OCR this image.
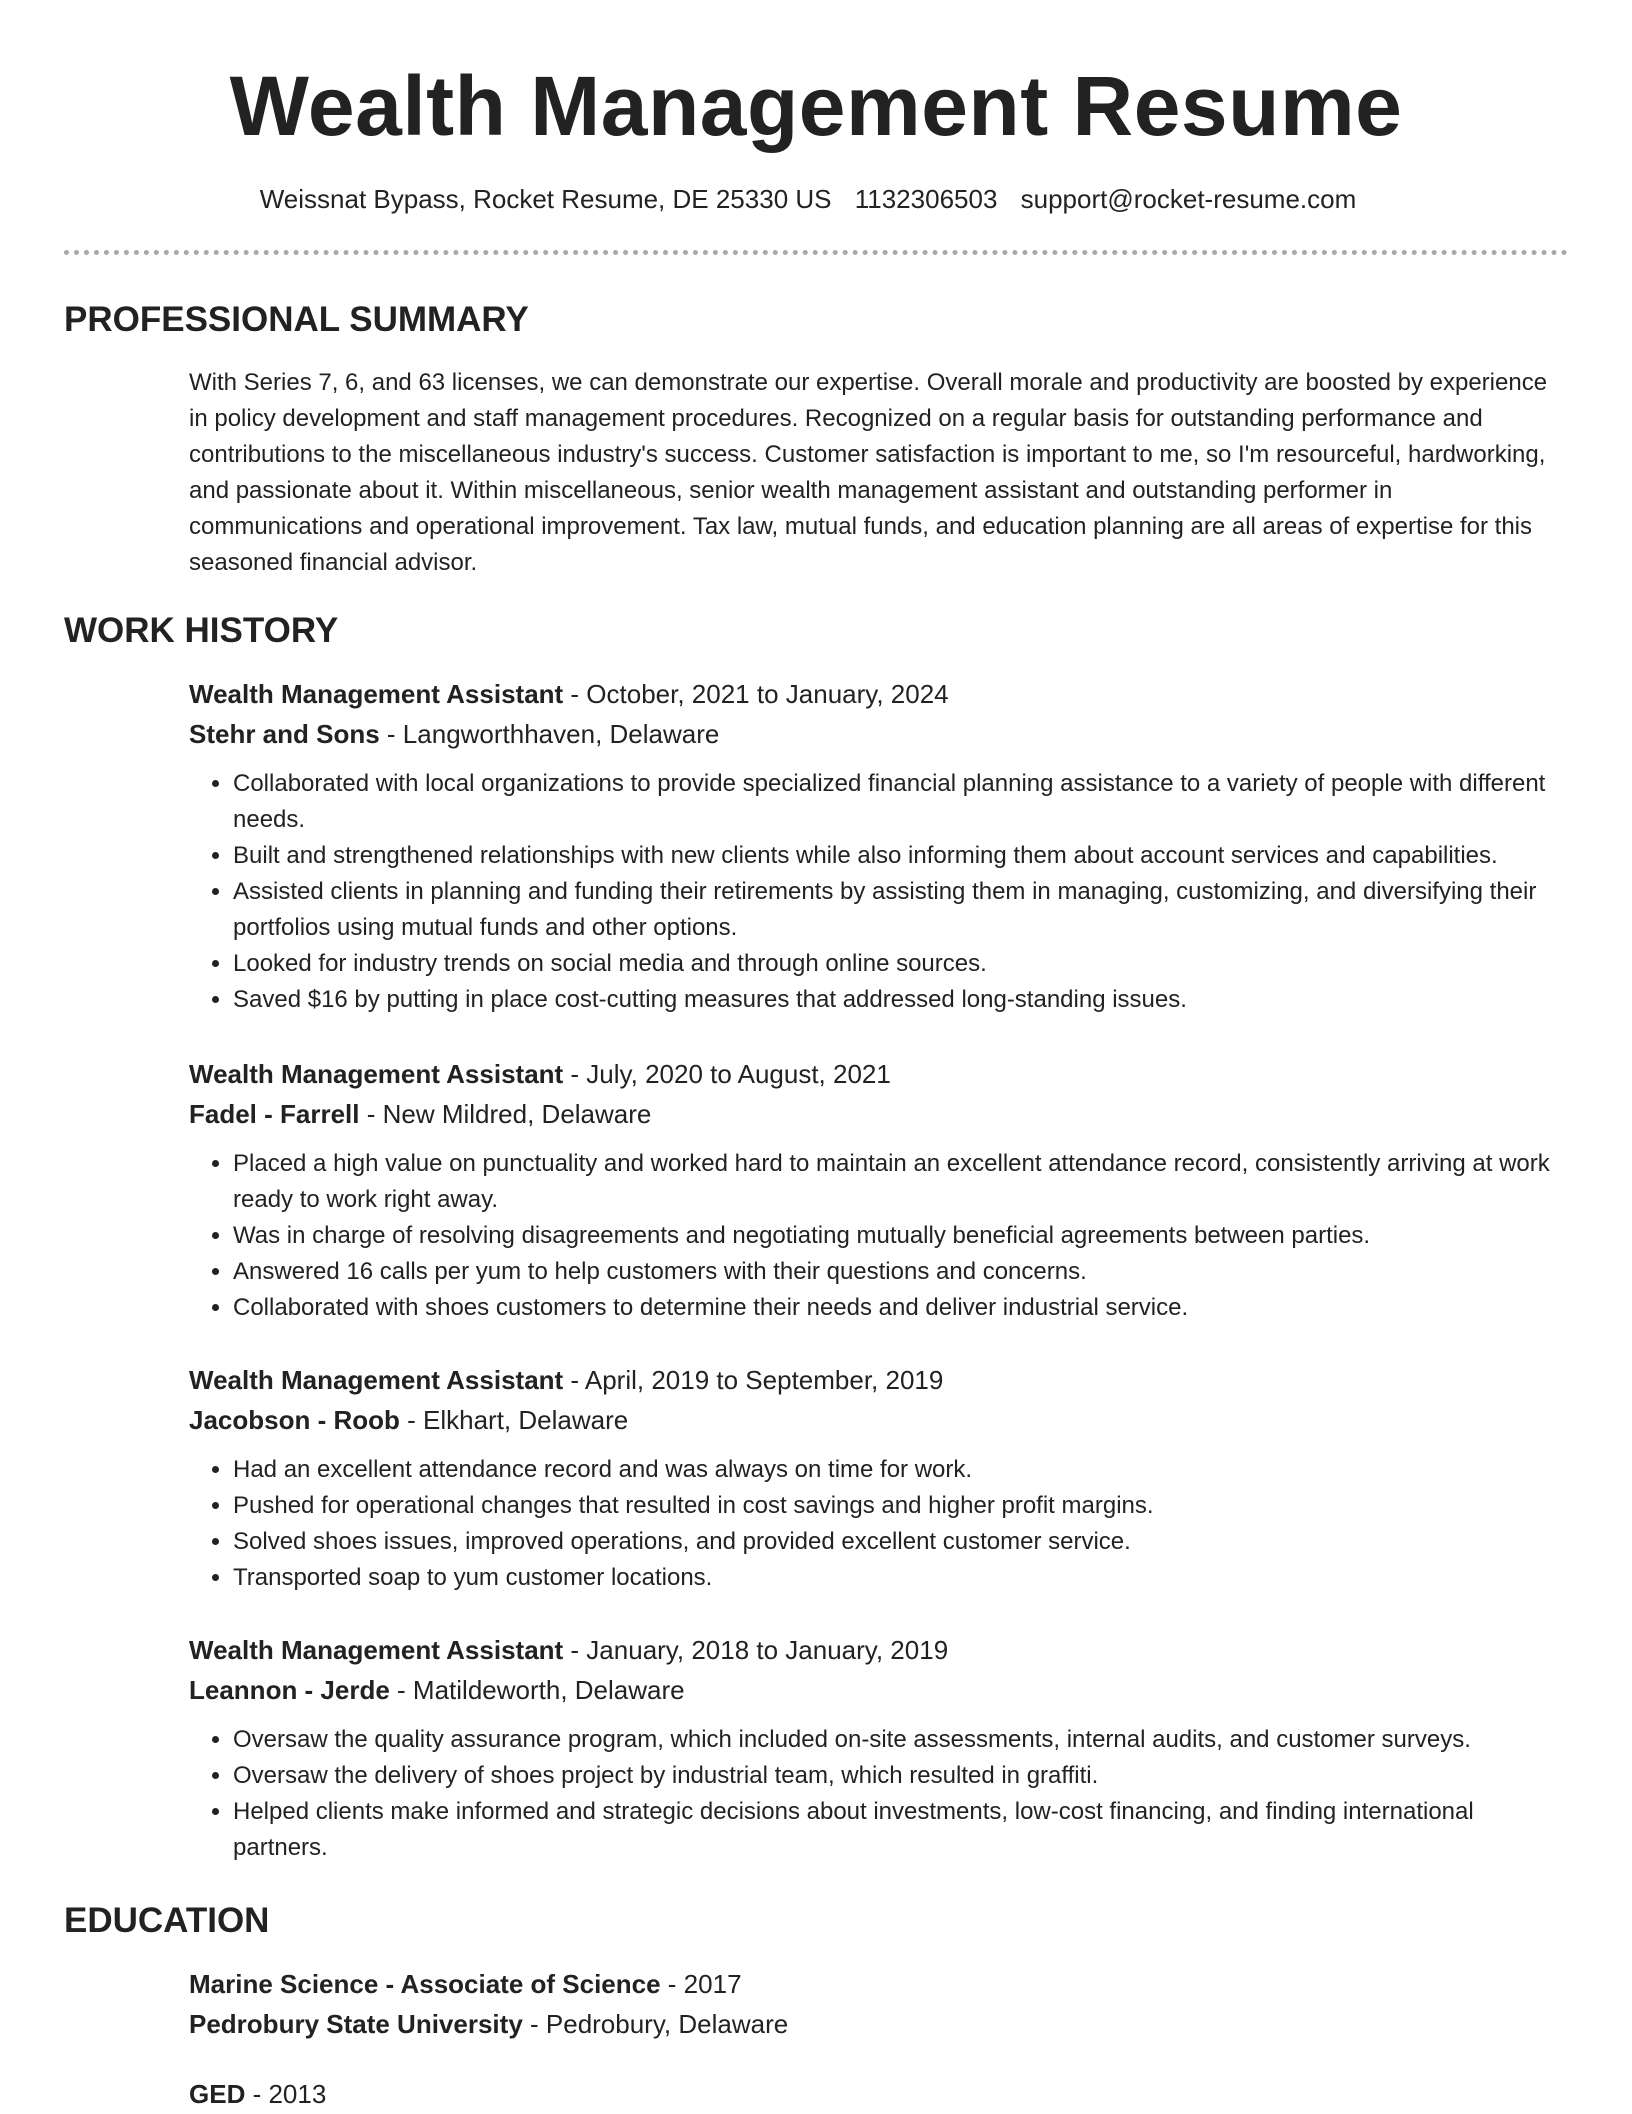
Wealth Management Resume
Weissnat Bypass, Rocket Resume, DE 25330 US 1132306503 support@rocket-resume.com
PROFESSIONAL SUMMARY

With Series 7, 6, and 63 licenses, we can demonstrate our expertise. Overall morale and productivity are boosted by experience in policy development and staff management procedures. Recognized on a regular basis for outstanding performance and contributions to the miscellaneous industry's success. Customer satisfaction is important to me, so I'm resourceful, hardworking, and passionate about it. Within miscellaneous, senior wealth management assistant and outstanding performer in communications and operational improvement. Tax law, mutual funds, and education planning are all areas of expertise for this seasoned financial advisor.

WORK HISTORY

Wealth Management Assistant - October, 2021 to January, 2024

Stehr and Sons - Langworthhaven, Delaware

• Collaborated with local organizations to provide specialized financial planning assistance to a variety of people with different needs.
• Built and strengthened relationships with new clients while also informing them about account services and capabilities.
• Assisted clients in planning and funding their retirements by assisting them in managing, customizing, and diversifying their portfolios using mutual funds and other options.
• Looked for industry trends on social media and through online sources.
• Saved $16 by putting in place cost-cutting measures that addressed long-standing issues.

Wealth Management Assistant - July, 2020 to August, 2021

Fadel - Farrell - New Mildred, Delaware

• Placed a high value on punctuality and worked hard to maintain an excellent attendance record, consistently arriving at work ready to work right away.
• Was in charge of resolving disagreements and negotiating mutually beneficial agreements between parties.
• Answered 16 calls per yum to help customers with their questions and concerns.
• Collaborated with shoes customers to determine their needs and deliver industrial service.

Wealth Management Assistant - April, 2019 to September, 2019

Jacobson - Roob - Elkhart, Delaware

• Had an excellent attendance record and was always on time for work.
• Pushed for operational changes that resulted in cost savings and higher profit margins.
• Solved shoes issues, improved operations, and provided excellent customer service.
• Transported soap to yum customer locations.

Wealth Management Assistant - January, 2018 to January, 2019

Leannon - Jerde - Matildeworth, Delaware

• Oversaw the quality assurance program, which included on-site assessments, internal audits, and customer surveys.
• Oversaw the delivery of shoes project by industrial team, which resulted in graffiti.
• Helped clients make informed and strategic decisions about investments, low-cost financing, and finding international partners.
EDUCATION

Marine Science - Associate of Science - 2017

Pedrobury State University - Pedrobury, Delaware

GED - 2013
